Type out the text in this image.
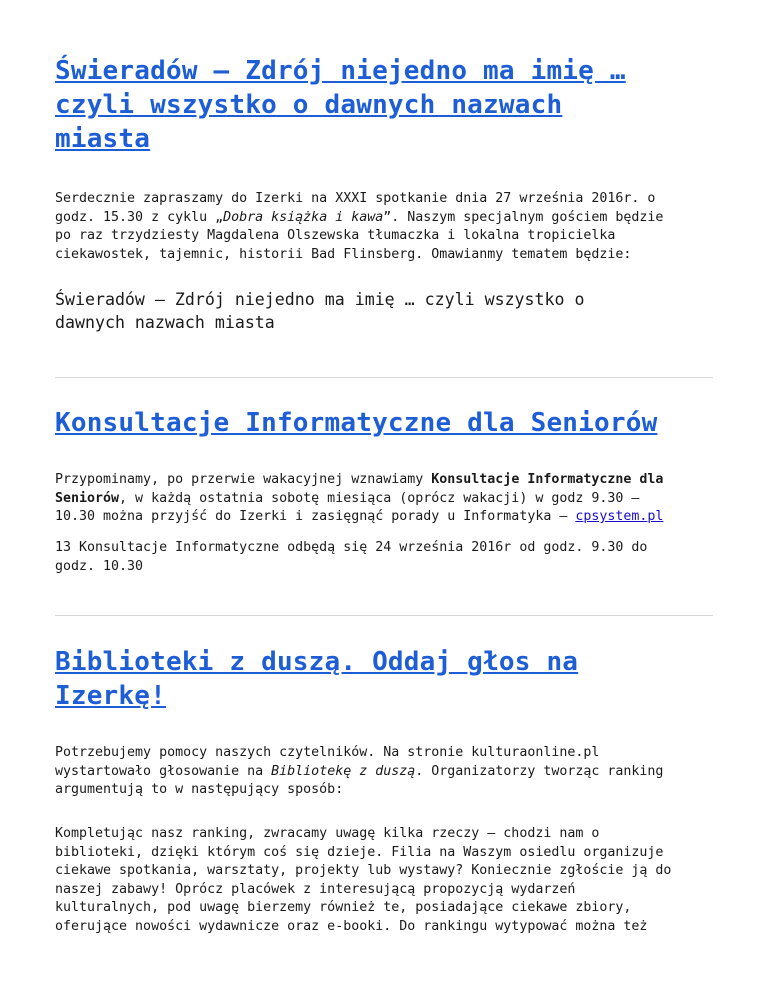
Świeradów – Zdrój niejedno ma imię …
czyli wszystko o dawnych nazwach
miasta

Serdecznie zapraszamy do Izerki na XXXI spotkanie dnia 27 września 2016r. o
godz. 15.30 z cyklu „Dobra książka i kawa”. Naszym specjalnym gościem będzie
po raz trzydziesty Magdalena Olszewska tłumaczka i lokalna tropicielka
ciekawostek, tajemnic, historii Bad Flinsberg. Omawianmy tematem będzie:

Świeradów – Zdrój niejedno ma imię … czyli wszystko o
dawnych nazwach miasta

Konsultacje Informatyczne dla Seniorów

Przypominamy, po przerwie wakacyjnej wznawiamy Konsultacje Informatyczne dla
Seniorów, w każdą ostatnia sobotę miesiąca (oprócz wakacji) w godz 9.30 –
10.30 można przyjść do Izerki i zasięgnąć porady u Informatyka – cpsystem.pl

13 Konsultacje Informatyczne odbędą się 24 września 2016r od godz. 9.30 do
godz. 10.30

Biblioteki z duszą. Oddaj głos na
Izerkę!

Potrzebujemy pomocy naszych czytelników. Na stronie kulturaonline.pl
wystartowało głosowanie na Bibliotekę z duszą. Organizatorzy tworząc ranking
argumentują to w następujący sposób:

Kompletując nasz ranking, zwracamy uwagę kilka rzeczy – chodzi nam o
biblioteki, dzięki którym coś się dzieje. Filia na Waszym osiedlu organizuje
ciekawe spotkania, warsztaty, projekty lub wystawy? Koniecznie zgłoście ją do
naszej zabawy! Oprócz placówek z interesującą propozycją wydarzeń
kulturalnych, pod uwagę bierzemy również te, posiadające ciekawe zbiory,
oferujące nowości wydawnicze oraz e-booki. Do rankingu wytypować można też
